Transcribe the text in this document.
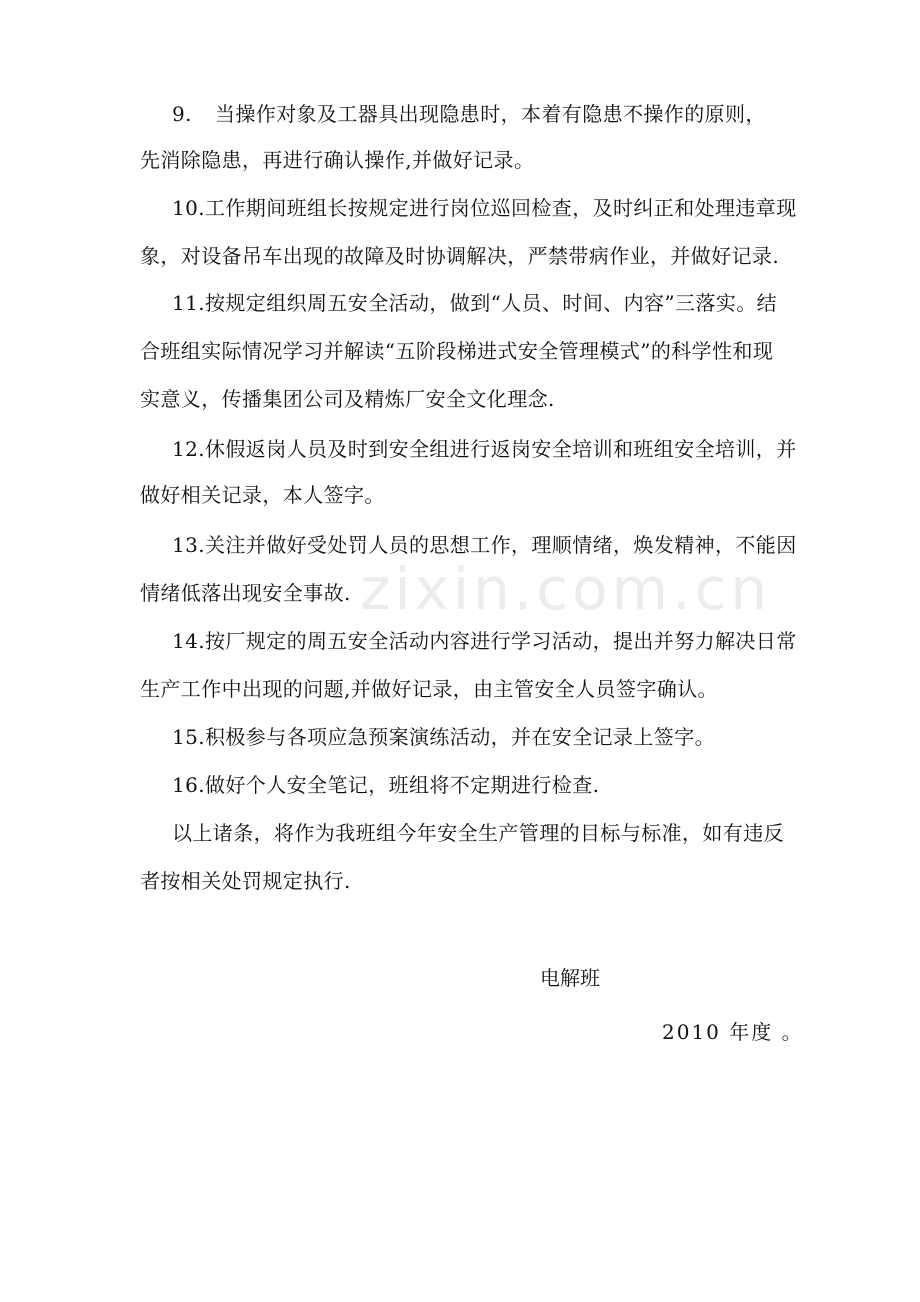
zixin.com.cn
9. 当操作对象及工器具出现隐患时，本着有隐患不操作的原则，
先消除隐患，再进行确认操作,并做好记录。
10.工作期间班组长按规定进行岗位巡回检查，及时纠正和处理违章现
象，对设备吊车出现的故障及时协调解决，严禁带病作业，并做好记录.
11.按规定组织周五安全活动，做到“人员、时间、内容”三落实。结
合班组实际情况学习并解读“五阶段梯进式安全管理模式”的科学性和现
实意义，传播集团公司及精炼厂安全文化理念.
12.休假返岗人员及时到安全组进行返岗安全培训和班组安全培训，并
做好相关记录，本人签字。
13.关注并做好受处罚人员的思想工作，理顺情绪，焕发精神，不能因
情绪低落出现安全事故.
14.按厂规定的周五安全活动内容进行学习活动，提出并努力解决日常
生产工作中出现的问题,并做好记录，由主管安全人员签字确认。
15.积极参与各项应急预案演练活动，并在安全记录上签字。
16.做好个人安全笔记，班组将不定期进行检查.
以上诸条，将作为我班组今年安全生产管理的目标与标准，如有违反
者按相关处罚规定执行.
电解班
2010 年度 。
